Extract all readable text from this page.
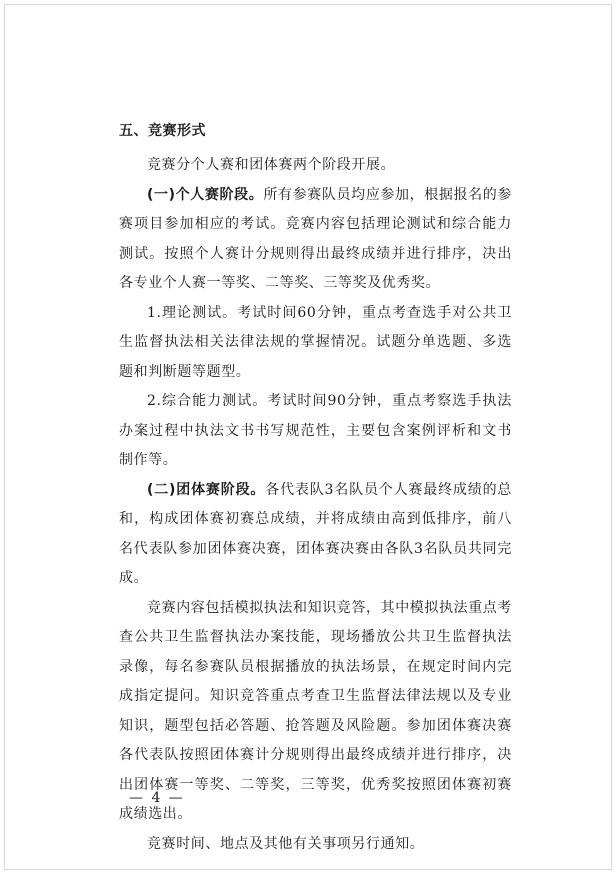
五、竞赛形式

竞赛分个人赛和团体赛两个阶段开展。

(一)个人赛阶段。所有参赛队员均应参加，根据报名的参赛项目参加相应的考试。竞赛内容包括理论测试和综合能力测试。按照个人赛计分规则得出最终成绩并进行排序，决出各专业个人赛一等奖、二等奖、三等奖及优秀奖。

1.理论测试。考试时间60分钟，重点考查选手对公共卫生监督执法相关法律法规的掌握情况。试题分单选题、多选题和判断题等题型。

2.综合能力测试。考试时间90分钟，重点考察选手执法办案过程中执法文书书写规范性，主要包含案例评析和文书制作等。

(二)团体赛阶段。各代表队3名队员个人赛最终成绩的总和，构成团体赛初赛总成绩，并将成绩由高到低排序，前八名代表队参加团体赛决赛，团体赛决赛由各队3名队员共同完成。

竞赛内容包括模拟执法和知识竞答，其中模拟执法重点考查公共卫生监督执法办案技能，现场播放公共卫生监督执法录像，每名参赛队员根据播放的执法场景，在规定时间内完成指定提问。知识竞答重点考查卫生监督法律法规以及专业知识，题型包括必答题、抢答题及风险题。参加团体赛决赛各代表队按照团体赛计分规则得出最终成绩并进行排序，决出团体赛一等奖、二等奖，三等奖，优秀奖按照团体赛初赛成绩选出。

竞赛时间、地点及其他有关事项另行通知。

— 4 —
